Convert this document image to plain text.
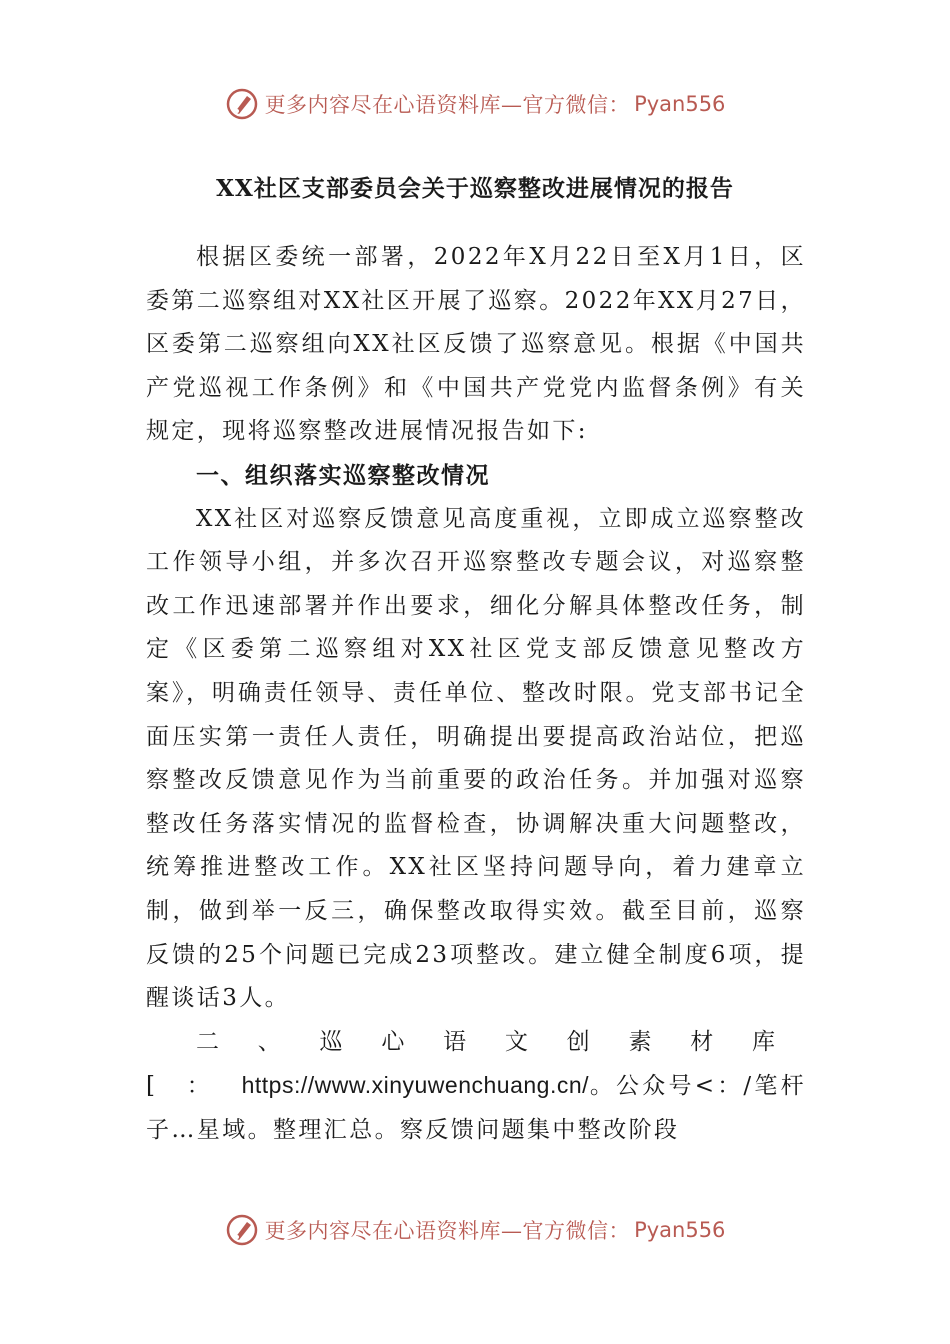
更多内容尽在心语资料库—官方微信： Pyan556
XX社区支部委员会关于巡察整改进展情况的报告

根据区委统一部署，2022年X月22日至X月1日，区委第二巡察组对XX社区开展了巡察。2022年XX月27日，区委第二巡察组向XX社区反馈了巡察意见。根据《中国共产党巡视工作条例》和《中国共产党党内监督条例》有关规定，现将巡察整改进展情况报告如下:

一、组织落实巡察整改情况

XX社区对巡察反馈意见高度重视，立即成立巡察整改工作领导小组，并多次召开巡察整改专题会议，对巡察整改工作迅速部署并作出要求，细化分解具体整改任务，制定《区委第二巡察组对XX社区党支部反馈意见整改方案》，明确责任领导、责任单位、整改时限。党支部书记全面压实第一责任人责任，明确提出要提高政治站位，把巡察整改反馈意见作为当前重要的政治任务。并加强对巡察整改任务落实情况的监督检查，协调解决重大问题整改，统筹推进整改工作。XX社区坚持问题导向，着力建章立制，做到举一反三，确保整改取得实效。截至目前，巡察反馈的25个问题已完成23项整改。建立健全制度6项，提醒谈话3人。

二、巡心语文创素材库[：https://www.xinyuwenchuang.cn/。公众号<：/笔杆子…星域。整理汇总。察反馈问题集中整改阶段

更多内容尽在心语资料库—官方微信： Pyan556
